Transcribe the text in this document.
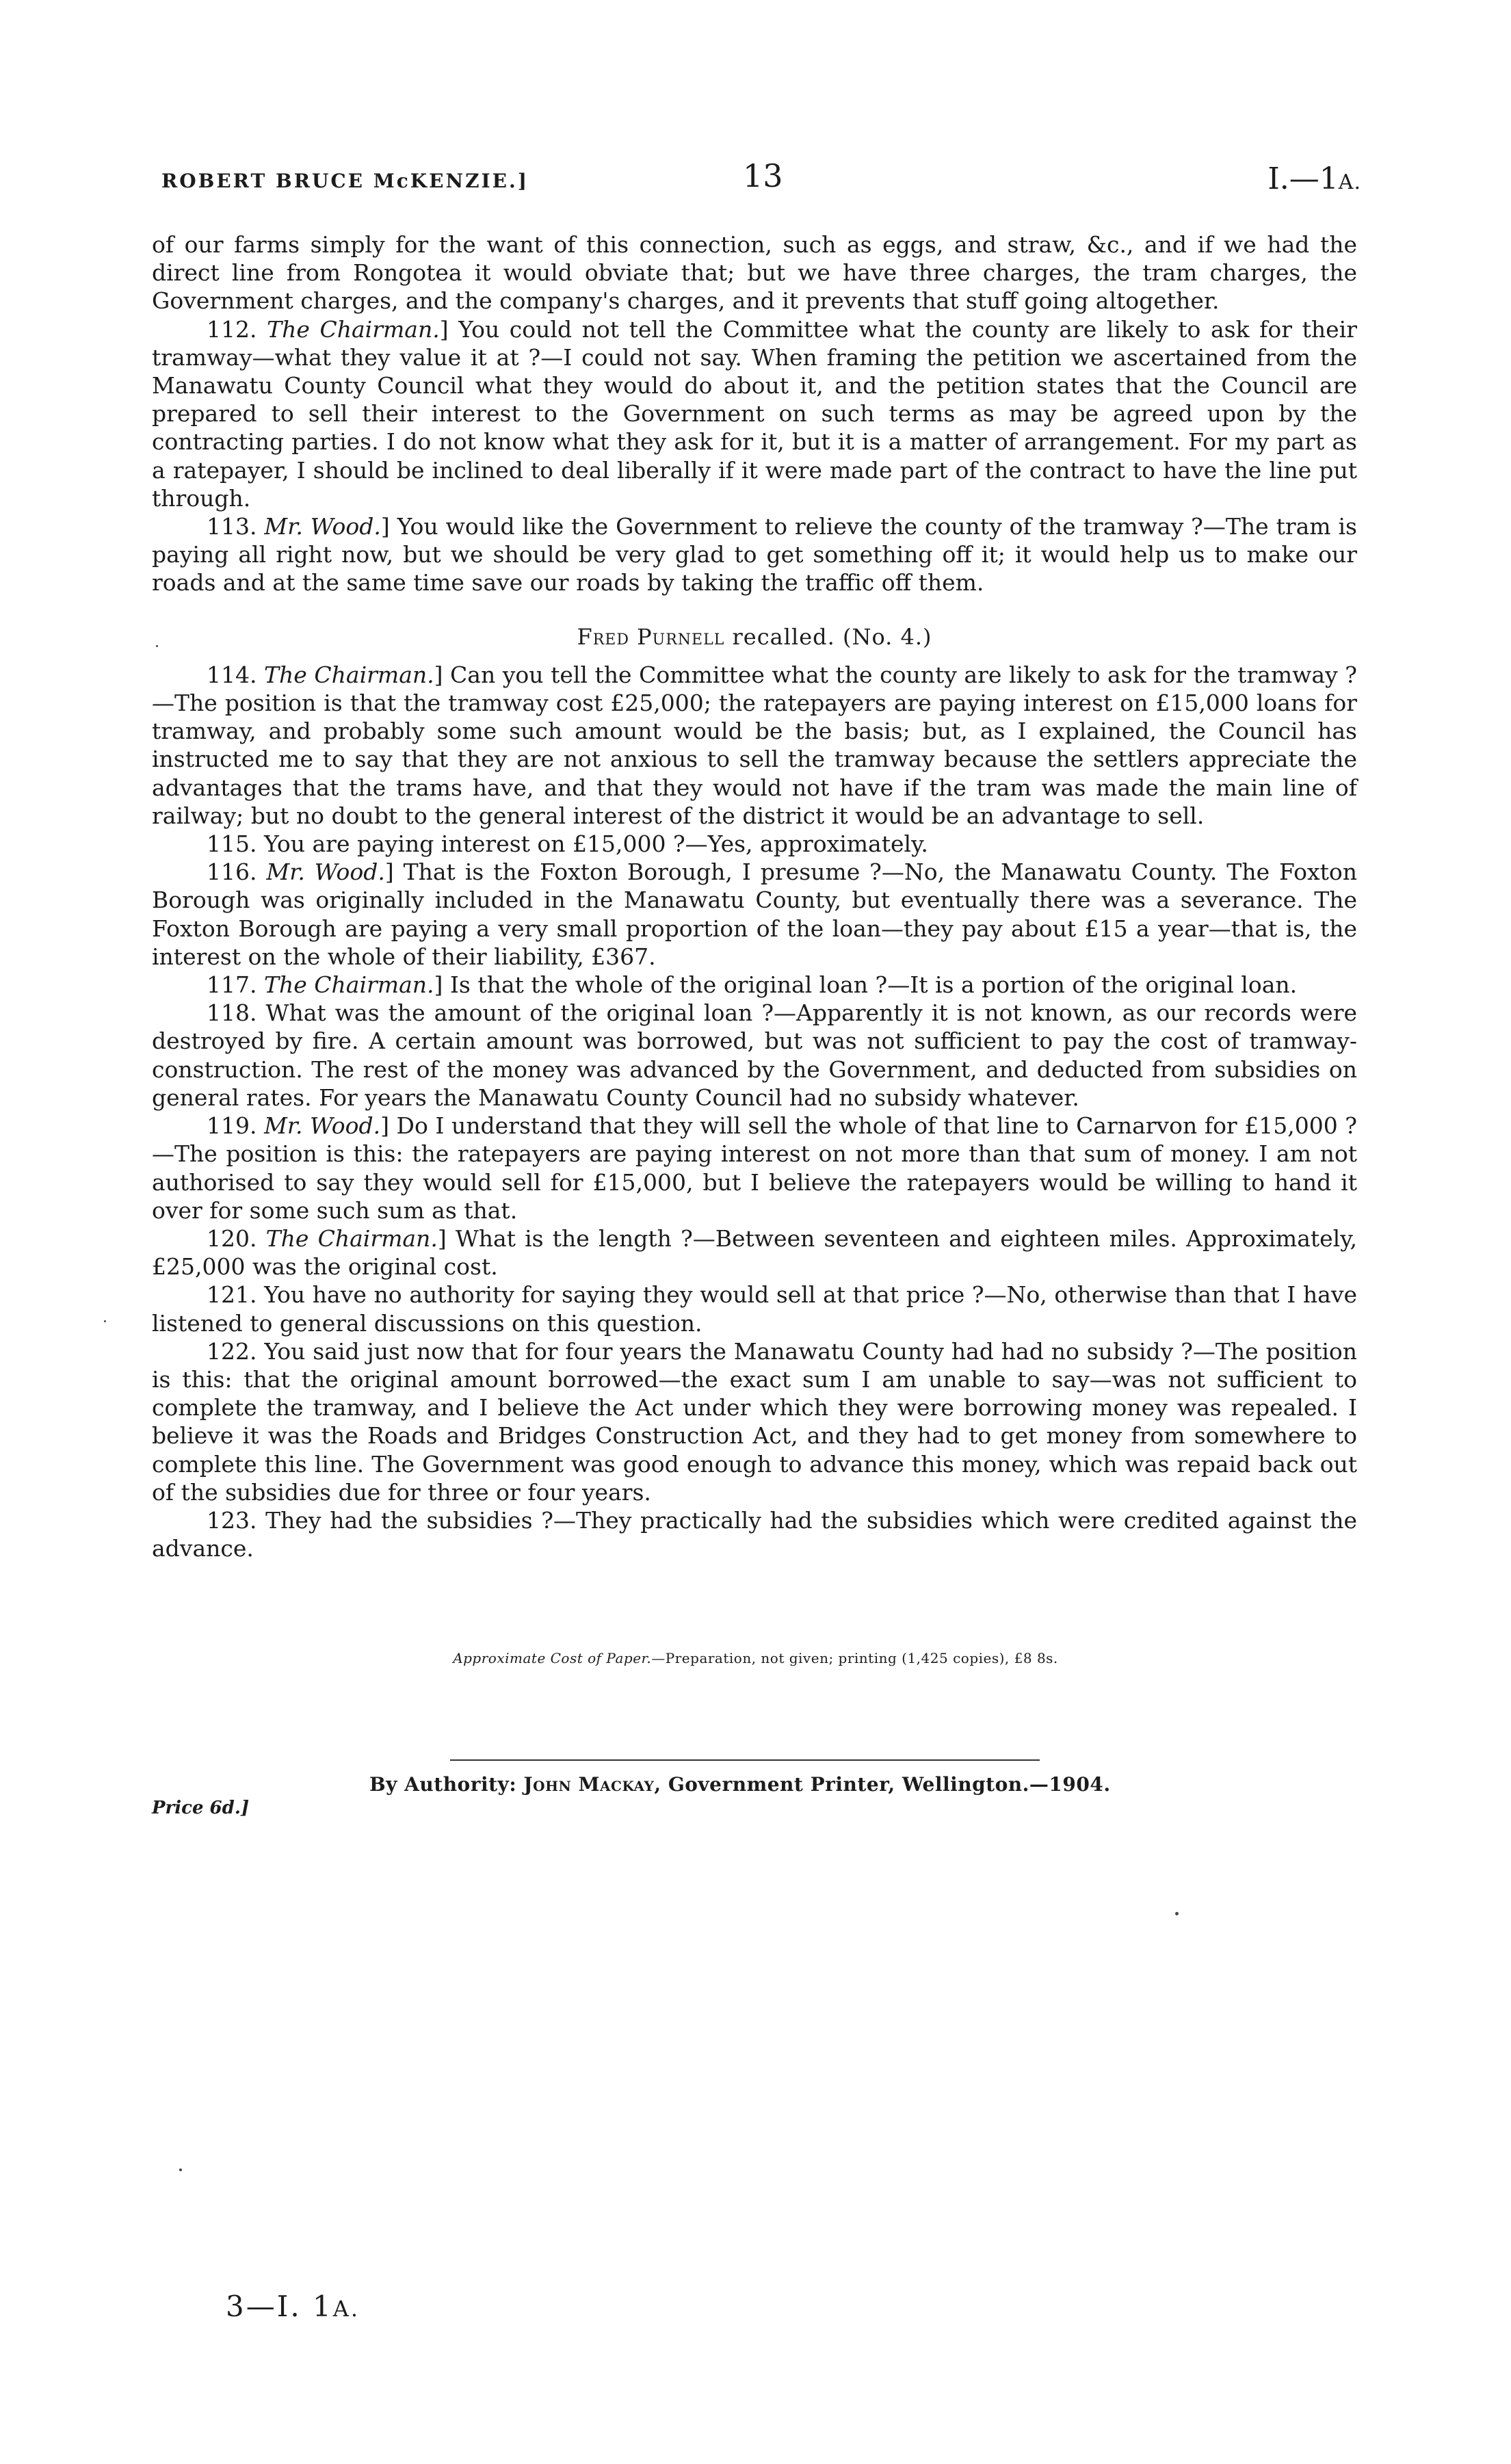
ROBERT BRUCE McKENZIE.]	13	I.—1A.

of our farms simply for the want of this connection, such as eggs, and straw, &c., and if we had the direct line from Rongotea it would obviate that; but we have three charges, the tram charges, the Government charges, and the company's charges, and it prevents that stuff going altogether.

112. The Chairman.] You could not tell the Committee what the county are likely to ask for their tramway—what they value it at ?—I could not say. When framing the petition we ascertained from the Manawatu County Council what they would do about it, and the petition states that the Council are prepared to sell their interest to the Government on such terms as may be agreed upon by the contracting parties. I do not know what they ask for it, but it is a matter of arrangement. For my part as a ratepayer, I should be inclined to deal liberally if it were made part of the contract to have the line put through.

113. Mr. Wood.] You would like the Government to relieve the county of the tramway ?—The tram is paying all right now, but we should be very glad to get something off it; it would help us to make our roads and at the same time save our roads by taking the traffic off them.

Fred Purnell recalled. (No. 4.)

114. The Chairman.] Can you tell the Committee what the county are likely to ask for the tramway ?—The position is that the tramway cost £25,000; the ratepayers are paying interest on £15,000 loans for tramway, and probably some such amount would be the basis; but, as I explained, the Council has instructed me to say that they are not anxious to sell the tramway because the settlers appreciate the advantages that the trams have, and that they would not have if the tram was made the main line of railway; but no doubt to the general interest of the district it would be an advantage to sell.

115. You are paying interest on £15,000 ?—Yes, approximately.

116. Mr. Wood.] That is the Foxton Borough, I presume ?—No, the Manawatu County. The Foxton Borough was originally included in the Manawatu County, but eventually there was a severance. The Foxton Borough are paying a very small proportion of the loan—they pay about £15 a year—that is, the interest on the whole of their liability, £367.

117. The Chairman.] Is that the whole of the original loan ?—It is a portion of the original loan.

118. What was the amount of the original loan ?—Apparently it is not known, as our records were destroyed by fire. A certain amount was borrowed, but was not sufficient to pay the cost of tramway-construction. The rest of the money was advanced by the Government, and deducted from subsidies on general rates. For years the Manawatu County Council had no subsidy whatever.

119. Mr. Wood.] Do I understand that they will sell the whole of that line to Carnarvon for £15,000 ?—The position is this: the ratepayers are paying interest on not more than that sum of money. I am not authorised to say they would sell for £15,000, but I believe the ratepayers would be willing to hand it over for some such sum as that.

120. The Chairman.] What is the length ?—Between seventeen and eighteen miles. Approximately, £25,000 was the original cost.

121. You have no authority for saying they would sell at that price ?—No, otherwise than that I have listened to general discussions on this question.

122. You said just now that for four years the Manawatu County had had no subsidy ?—The position is this: that the original amount borrowed—the exact sum I am unable to say—was not sufficient to complete the tramway, and I believe the Act under which they were borrowing money was repealed. I believe it was the Roads and Bridges Construction Act, and they had to get money from somewhere to complete this line. The Government was good enough to advance this money, which was repaid back out of the subsidies due for three or four years.

123. They had the subsidies ?—They practically had the subsidies which were credited against the advance.

Approximate Cost of Paper.—Preparation, not given; printing (1,425 copies), £8 8s.
By Authority: John Mackay, Government Printer, Wellington.—1904.
Price 6d.]
3—I. 1A.
